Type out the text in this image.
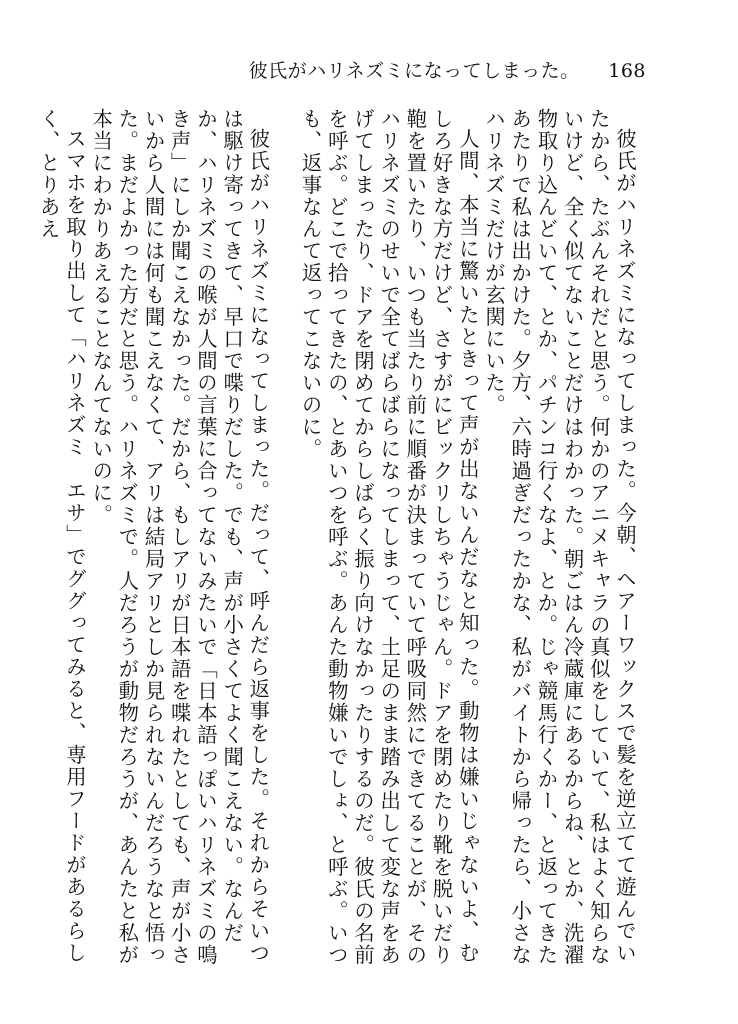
彼氏がハリネズミになってしまった。 168

彼氏がハリネズミになってしまった。今朝、ヘアーワックスで髪を逆立てて遊んでいたから、たぶんそれだと思う。何かのアニメキャラの真似をしていて、私はよく知らないけど、全く似てないことだけはわかった。朝ごはん冷蔵庫にあるからね、とか、洗濯物取り込んどいて、とか、パチンコ行くなよ、とか。じゃ競馬行くかー、と返ってきたあたりで私は出かけた。夕方、六時過ぎだったかな、私がバイトから帰ったら、小さなハリネズミだけが玄関にいた。

人間、本当に驚いたときって声が出ないんだなと知った。動物は嫌いじゃないよ、むしろ好きな方だけど、さすがにビックリしちゃうじゃん。ドアを閉めたり靴を脱いだり鞄を置いたり、いつも当たり前に順番が決まっていて呼吸同然にできてることが、そのハリネズミのせいで全てばらばらになってしまって、土足のまま踏み出して変な声をあげてしまったり、ドアを閉めてからしばらく振り向けなかったりするのだ。彼氏の名前を呼ぶ。どこで拾ってきたの、とあいつを呼ぶ。あんた動物嫌いでしょ、と呼ぶ。いつも、返事なんて返ってこないのに。

彼氏がハリネズミになってしまった。だって、呼んだら返事をした。それからそいつは駆け寄ってきて、早口で喋りだした。でも、声が小さくてよく聞こえない。なんだか、ハリネズミの喉が人間の言葉に合ってないみたいで「日本語っぽいハリネズミの鳴き声」にしか聞こえなかった。だから、もしアリが日本語を喋れたとしても、声が小さいから人間には何も聞こえなくて、アリは結局アリとしか見られないんだろうなと悟った。まだよかった方だと思う。ハリネズミで。人だろうが動物だろうが、あんたと私が本当にわかりあえることなんてないのに。

スマホを取り出して「ハリネズミ　エサ」でググってみると、専用フードがあるらしく、とりあえ
